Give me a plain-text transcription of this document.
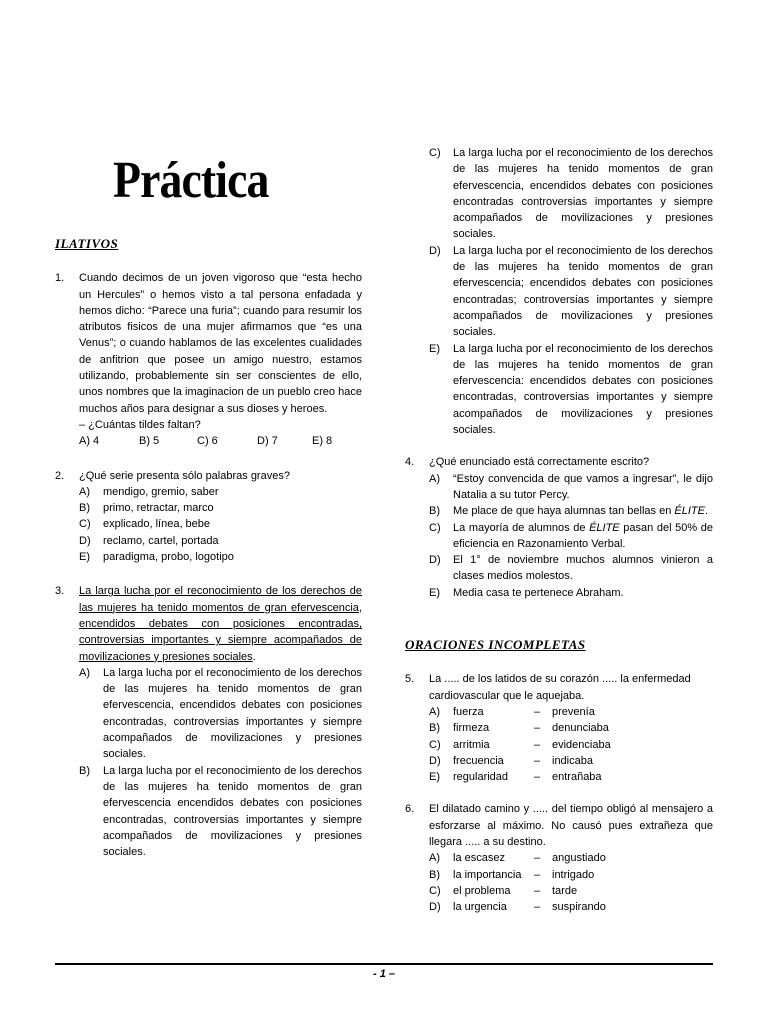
Práctica
ILATIVOS
1.	Cuando decimos de un joven vigoroso que “esta hecho un Hercules” o hemos visto a tal persona enfadada y hemos dicho: “Parece una furia”; cuando para resumir los atributos fisicos de una mujer afirmamos que “es una Venus”; o cuando hablamos de las excelentes cualidades de anfitrion que posee un amigo nuestro, estamos utilizando, probablemente sin ser conscientes de ello, unos nombres que la imaginacion de un pueblo creo hace muchos años para designar a sus dioses y heroes.
– ¿Cuántas tildes faltan?
A) 4	B) 5	C) 6	D) 7	E) 8
2.	¿Qué serie presenta sólo palabras graves?
A)	mendigo, gremio, saber
B)	primo, retractar, marco
C)	explicado, línea, bebe
D)	reclamo, cartel, portada
E)	paradigma, probo, logotipo
3.	La larga lucha por el reconocimiento de los derechos de las mujeres ha tenido momentos de gran efervescencia, encendidos debates con posiciones encontradas, controversias importantes y siempre acompañados de movilizaciones y presiones sociales.
A)	La larga lucha por el reconocimiento de los derechos de las mujeres ha tenido momentos de gran efervescencia, encendidos debates con posiciones encontradas, controversias importantes y siempre acompañados de movilizaciones y presiones sociales.
B)	La larga lucha por el reconocimiento de los derechos de las mujeres ha tenido momentos de gran efervescencia encendidos debates con posiciones encontradas, controversias importantes y siempre acompañados de movilizaciones y presiones sociales.
C)	La larga lucha por el reconocimiento de los derechos de las mujeres ha tenido momentos de gran efervescencia, encendidos debates con posiciones encontradas controversias importantes y siempre acompañados de movilizaciones y presiones sociales.
D)	La larga lucha por el reconocimiento de los derechos de las mujeres ha tenido momentos de gran efervescencia; encendidos debates con posiciones encontradas; controversias importantes y siempre acompañados de movilizaciones y presiones sociales.
E)	La larga lucha por el reconocimiento de los derechos de las mujeres ha tenido momentos de gran efervescencia: encendidos debates con posiciones encontradas, controversias importantes y siempre acompañados de movilizaciones y presiones sociales.
4.	¿Qué enunciado está correctamente escrito?
A)	“Estoy convencida de que vamos a ingresar”, le dijo Natalia a su tutor Percy.
B)	Me place de que haya alumnas tan bellas en ÉLITE.
C)	La mayoría de alumnos de ÉLITE pasan del 50% de eficiencia en Razonamiento Verbal.
D)	El 1° de noviembre muchos alumnos vinieron a clases medios molestos.
E)	Media casa te pertenece Abraham.
ORACIONES INCOMPLETAS
5.	La ..... de los latidos de su corazón ..... la enfermedad cardiovascular que le aquejaba.
A)	fuerza	–	prevenía
B)	firmeza	–	denunciaba
C)	arritmia	–	evidenciaba
D)	frecuencia	–	indicaba
E)	regularidad	–	entrañaba
6.	El dilatado camino y ..... del tiempo obligó al mensajero a esforzarse al máximo. No causó pues extrañeza que llegara ..... a su destino.
A)	la escasez	–	angustiado
B)	la importancia	–	intrigado
C)	el problema	–	tarde
D)	la urgencia	–	suspirando
- 1 –
